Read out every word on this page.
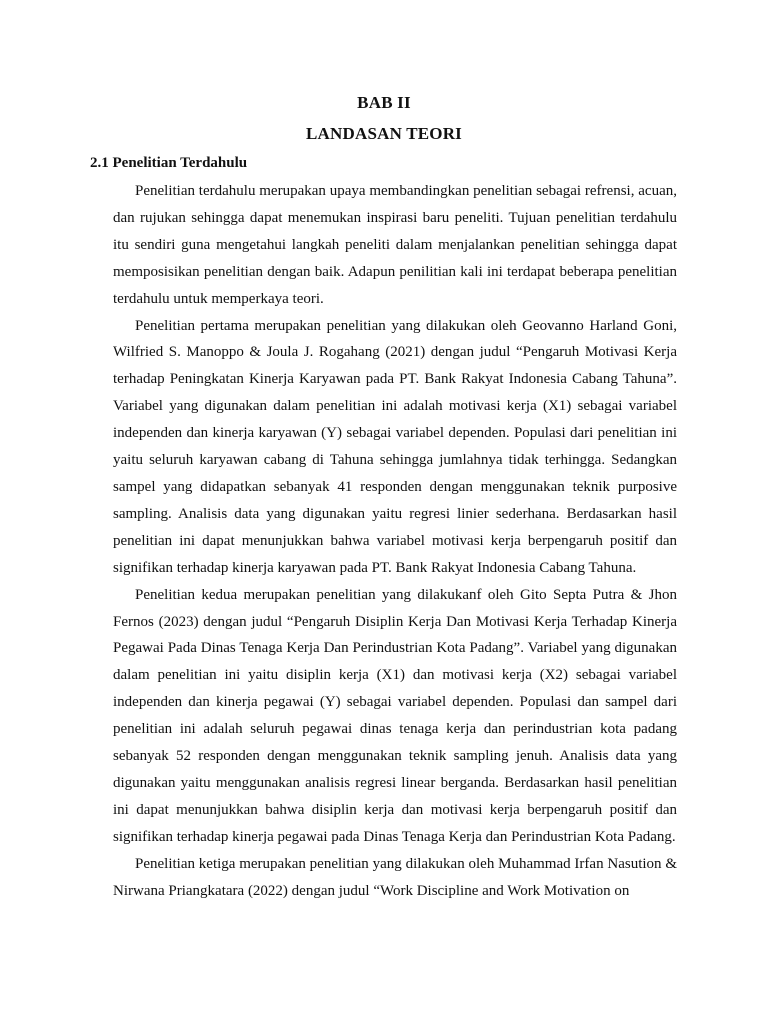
BAB II
LANDASAN TEORI
2.1 Penelitian Terdahulu

Penelitian terdahulu merupakan upaya membandingkan penelitian sebagai refrensi, acuan, dan rujukan sehingga dapat menemukan inspirasi baru peneliti. Tujuan penelitian terdahulu itu sendiri guna mengetahui langkah peneliti dalam menjalankan penelitian sehingga dapat memposisikan penelitian dengan baik. Adapun penilitian kali ini terdapat beberapa penelitian terdahulu untuk memperkaya teori.

Penelitian pertama merupakan penelitian yang dilakukan oleh Geovanno Harland Goni, Wilfried S. Manoppo & Joula J. Rogahang (2021) dengan judul “Pengaruh Motivasi Kerja terhadap Peningkatan Kinerja Karyawan pada PT. Bank Rakyat Indonesia Cabang Tahuna”. Variabel yang digunakan dalam penelitian ini adalah motivasi kerja (X1) sebagai variabel independen dan kinerja karyawan (Y) sebagai variabel dependen. Populasi dari penelitian ini yaitu seluruh karyawan cabang di Tahuna sehingga jumlahnya tidak terhingga. Sedangkan sampel yang didapatkan sebanyak 41 responden dengan menggunakan teknik purposive sampling. Analisis data yang digunakan yaitu regresi linier sederhana. Berdasarkan hasil penelitian ini dapat menunjukkan bahwa variabel motivasi kerja berpengaruh positif dan signifikan terhadap kinerja karyawan pada PT. Bank Rakyat Indonesia Cabang Tahuna.

Penelitian kedua merupakan penelitian yang dilakukanf oleh Gito Septa Putra & Jhon Fernos (2023) dengan judul “Pengaruh Disiplin Kerja Dan Motivasi Kerja Terhadap Kinerja Pegawai Pada Dinas Tenaga Kerja Dan Perindustrian Kota Padang”. Variabel yang digunakan dalam penelitian ini yaitu disiplin kerja (X1) dan motivasi kerja (X2) sebagai variabel independen dan kinerja pegawai (Y) sebagai variabel dependen. Populasi dan sampel dari penelitian ini adalah seluruh pegawai dinas tenaga kerja dan perindustrian kota padang sebanyak 52 responden dengan menggunakan teknik sampling jenuh. Analisis data yang digunakan yaitu menggunakan analisis regresi linear berganda. Berdasarkan hasil penelitian ini dapat menunjukkan bahwa disiplin kerja dan motivasi kerja berpengaruh positif dan signifikan terhadap kinerja pegawai pada Dinas Tenaga Kerja dan Perindustrian Kota Padang.

Penelitian ketiga merupakan penelitian yang dilakukan oleh Muhammad Irfan Nasution & Nirwana Priangkatara (2022) dengan judul “Work Discipline and Work Motivation on
